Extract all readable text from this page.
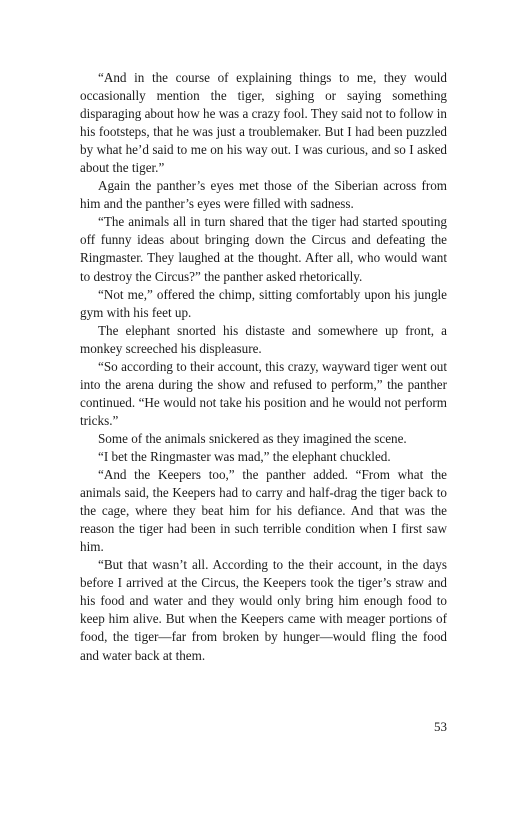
“And in the course of explaining things to me, they would occasionally mention the tiger, sighing or saying something disparaging about how he was a crazy fool. They said not to follow in his footsteps, that he was just a troublemaker. But I had been puzzled by what he’d said to me on his way out. I was curious, and so I asked about the tiger.”

Again the panther’s eyes met those of the Siberian across from him and the panther’s eyes were filled with sadness.

“The animals all in turn shared that the tiger had started spouting off funny ideas about bringing down the Circus and defeating the Ringmaster. They laughed at the thought. After all, who would want to destroy the Circus?” the panther asked rhetorically.

“Not me,” offered the chimp, sitting comfortably upon his jungle gym with his feet up.

The elephant snorted his distaste and somewhere up front, a monkey screeched his displeasure.

“So according to their account, this crazy, wayward tiger went out into the arena during the show and refused to perform,” the panther continued. “He would not take his position and he would not perform tricks.”

Some of the animals snickered as they imagined the scene.

“I bet the Ringmaster was mad,” the elephant chuckled.

“And the Keepers too,” the panther added. “From what the animals said, the Keepers had to carry and half-drag the tiger back to the cage, where they beat him for his defiance. And that was the reason the tiger had been in such terrible condition when I first saw him.

“But that wasn’t all. According to the their account, in the days before I arrived at the Circus, the Keepers took the tiger’s straw and his food and water and they would only bring him enough food to keep him alive. But when the Keepers came with meager portions of food, the tiger—far from broken by hunger—would fling the food and water back at them.

53
